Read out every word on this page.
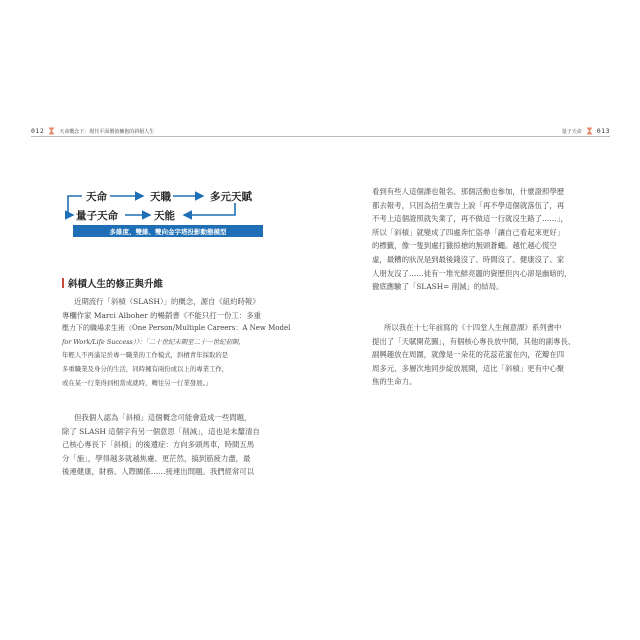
012	天命概念下：現代平面價值擁抱的斜槓人生
天命	天職	多元天賦
量子天命	天能
多維度、雙維、雙向金字塔投影動態模型
斜槓人生的修正與升維
近期流行「斜槓（SLASH）」的概念，源自《紐約時報》
專欄作家 Marci Alboher 的暢銷書《不能只打一份工：多重
壓力下的職場求生術（One Person/Multiple Careers：A New Model
for Work/Life Success）》：「二十世紀末期至二十一世紀初期，
年輕人不再滿足於專一職業的工作模式，斜槓青年採取的是
多重職業及身分的生活，同時擁有兩份或以上的專業工作，
或在某一行業得到相當成就時，轉往另一行業發展。」
但我個人認為「斜槓」這個概念可能會造成一些問題，
除了 SLASH 這個字有另一個意思「削減」，這也是未釐清自
己核心專長下「斜槓」的後遺症：方向多頭馬車，時間五馬
分「施」，學得越多就越焦慮、更茫然，搞到筋疲力盡，最
後連健康，財務、人際關係……接連出問題。我們經常可以
量子天命 013
看到有些人這個課也報名、那個活動也參加，什麼證照學歷
都去報考，只因為招生廣告上說「再不學這個就落伍了，再
不考上這個證照就失業了，再不做這一行就沒生路了……」，
所以「斜槓」就變成了四處奔忙盜尋「讓自己看起來更好」
的標籤，像一隻到處打獵掠槍的無頭蒼蠅。越忙越心慌空
虛，最糟的狀況是到最後錢沒了、時間沒了、健康沒了、家
人朋友沒了……徒有一堆光鮮亮麗的資歷但內心卻是幽暗的，
徹底應驗了「SLASH= 削減」的結局。
所以我在十七年前寫的《十四堂人生創意課》系列書中
提出了「天賦開花圖」，有個核心專長放中間，其他的副專長、
副興趣放在周圍，就像是一朵花的花蕊花蜜在內，花瓣在四
周多元、多層次地同步綻放展開，這比「斜槓」更有中心聚
焦的生命力。
